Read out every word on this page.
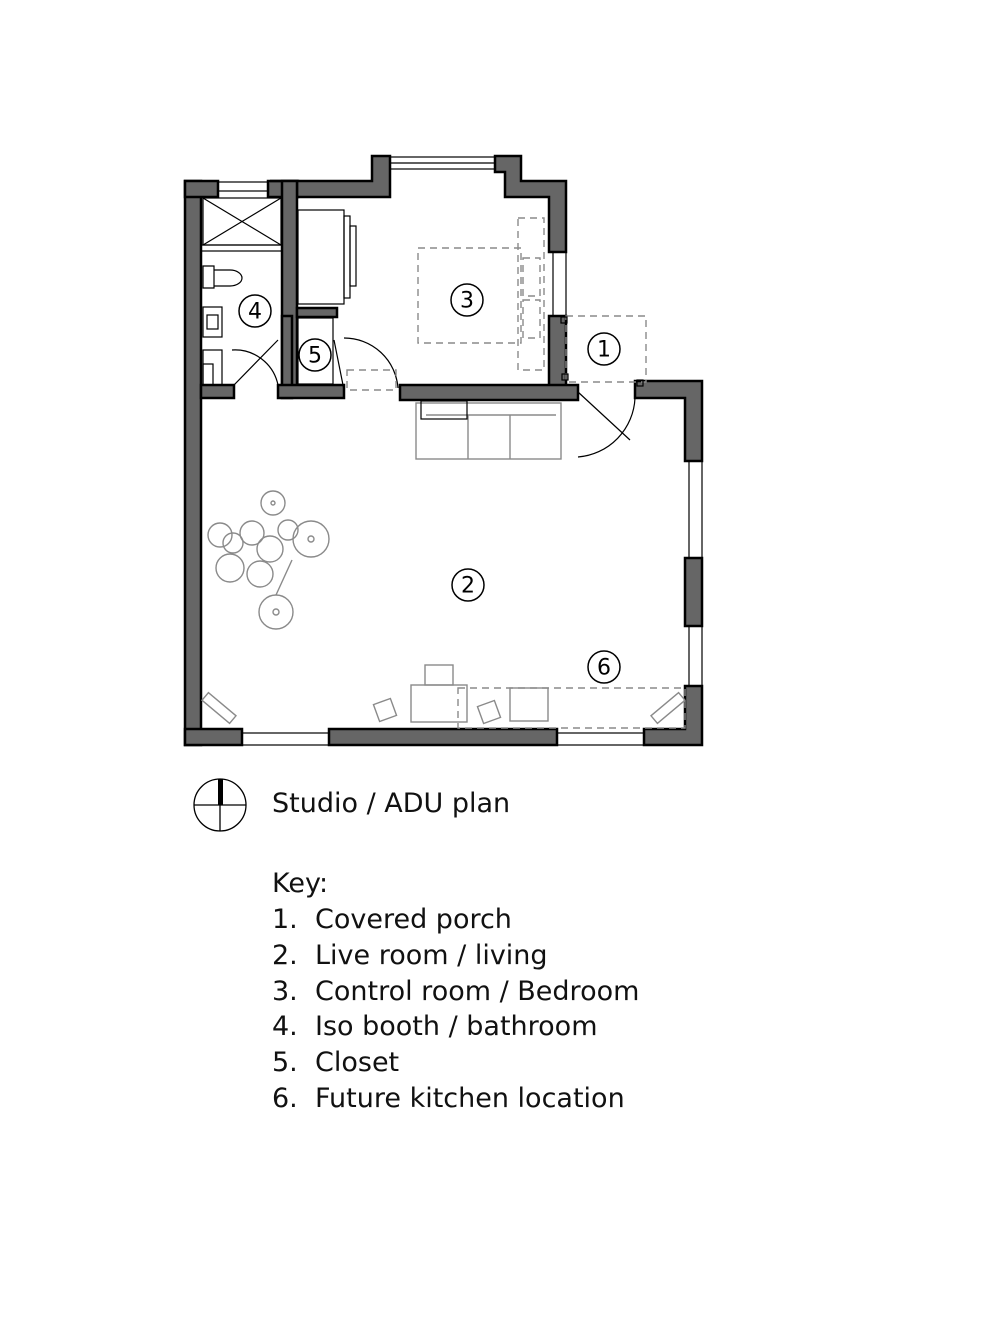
1
2
3
4
5
6
Studio / ADU plan
Key:
1. Covered porch
2. Live room / living
3. Control room / Bedroom
4. Iso booth / bathroom
5. Closet
6. Future kitchen location
